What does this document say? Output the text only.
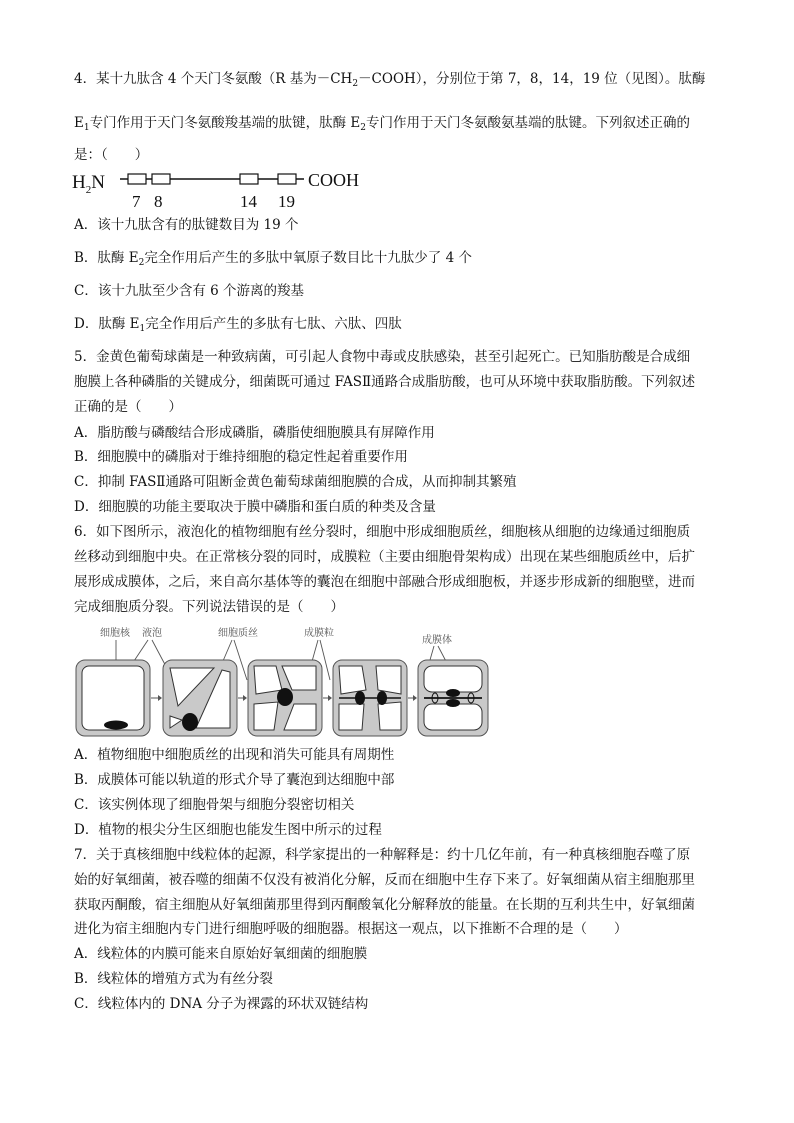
4．某十九肽含 4 个天门冬氨酸（R 基为$-CH_2-COOH$），分别位于第 7，8，14，19 位（见图）。肽酶
$E_1$专门作用于天门冬氨酸羧基端的肽键，肽酶 $E_2$专门作用于天门冬氨酸氨基端的肽键。下列叙述正确的
是：（　　）
$H_2N$	COOH
7 8	14 19
A．该十九肽含有的肽键数目为 19 个
B．肽酶 $E_2$完全作用后产生的多肽中氧原子数目比十九肽少了 4 个
C．该十九肽至少含有 6 个游离的羧基
D．肽酶 $E_1$完全作用后产生的多肽有七肽、六肽、四肽
5．金黄色葡萄球菌是一种致病菌，可引起人食物中毒或皮肤感染，甚至引起死亡。已知脂肪酸是合成细
胞膜上各种磷脂的关键成分，细菌既可通过 FASⅡ通路合成脂肪酸，也可从环境中获取脂肪酸。下列叙述
正确的是（　　）
A．脂肪酸与磷酸结合形成磷脂，磷脂使细胞膜具有屏障作用
B．细胞膜中的磷脂对于维持细胞的稳定性起着重要作用
C．抑制 FASⅡ通路可阻断金黄色葡萄球菌细胞膜的合成，从而抑制其繁殖
D．细胞膜的功能主要取决于膜中磷脂和蛋白质的种类及含量
6．如下图所示，液泡化的植物细胞有丝分裂时，细胞中形成细胞质丝，细胞核从细胞的边缘通过细胞质
丝移动到细胞中央。在正常核分裂的同时，成膜粒（主要由细胞骨架构成）出现在某些细胞质丝中，后扩
展形成成膜体，之后，来自高尔基体等的囊泡在细胞中部融合形成细胞板，并逐步形成新的细胞壁，进而
完成细胞质分裂。下列说法错误的是（　　）
细胞核 液泡	细胞质丝	成膜粒
成膜体
A．植物细胞中细胞质丝的出现和消失可能具有周期性
B．成膜体可能以轨道的形式介导了囊泡到达细胞中部
C．该实例体现了细胞骨架与细胞分裂密切相关
D．植物的根尖分生区细胞也能发生图中所示的过程
7．关于真核细胞中线粒体的起源，科学家提出的一种解释是：约十几亿年前，有一种真核细胞吞噬了原
始的好氧细菌，被吞噬的细菌不仅没有被消化分解，反而在细胞中生存下来了。好氧细菌从宿主细胞那里
获取丙酮酸，宿主细胞从好氧细菌那里得到丙酮酸氧化分解释放的能量。在长期的互利共生中，好氧细菌
进化为宿主细胞内专门进行细胞呼吸的细胞器。根据这一观点，以下推断不合理的是（　　）
A．线粒体的内膜可能来自原始好氧细菌的细胞膜
B．线粒体的增殖方式为有丝分裂
C．线粒体内的 DNA 分子为裸露的环状双链结构
